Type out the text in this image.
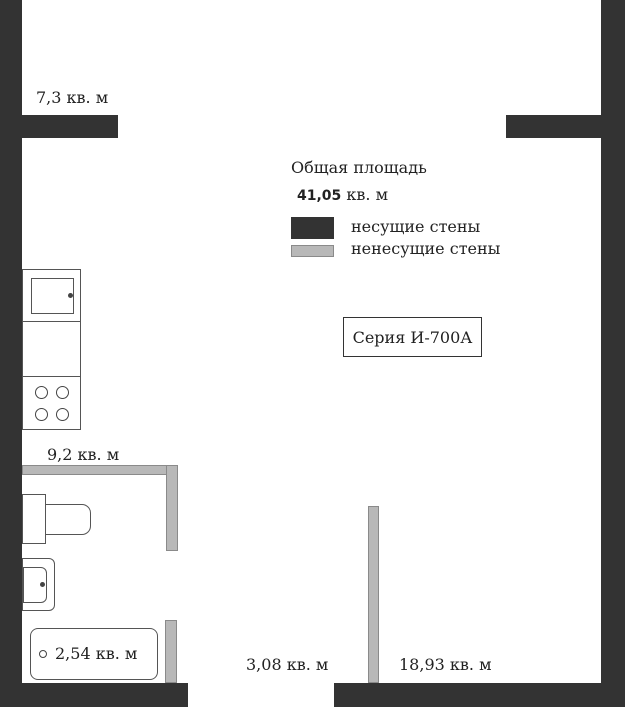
7,3 кв. м
9,2 кв. м
2,54 кв. м
3,08 кв. м	18,93 кв. м
Общая площадь
41,05 кв. м
несущие стены
ненесущие стены
Серия И-700А
